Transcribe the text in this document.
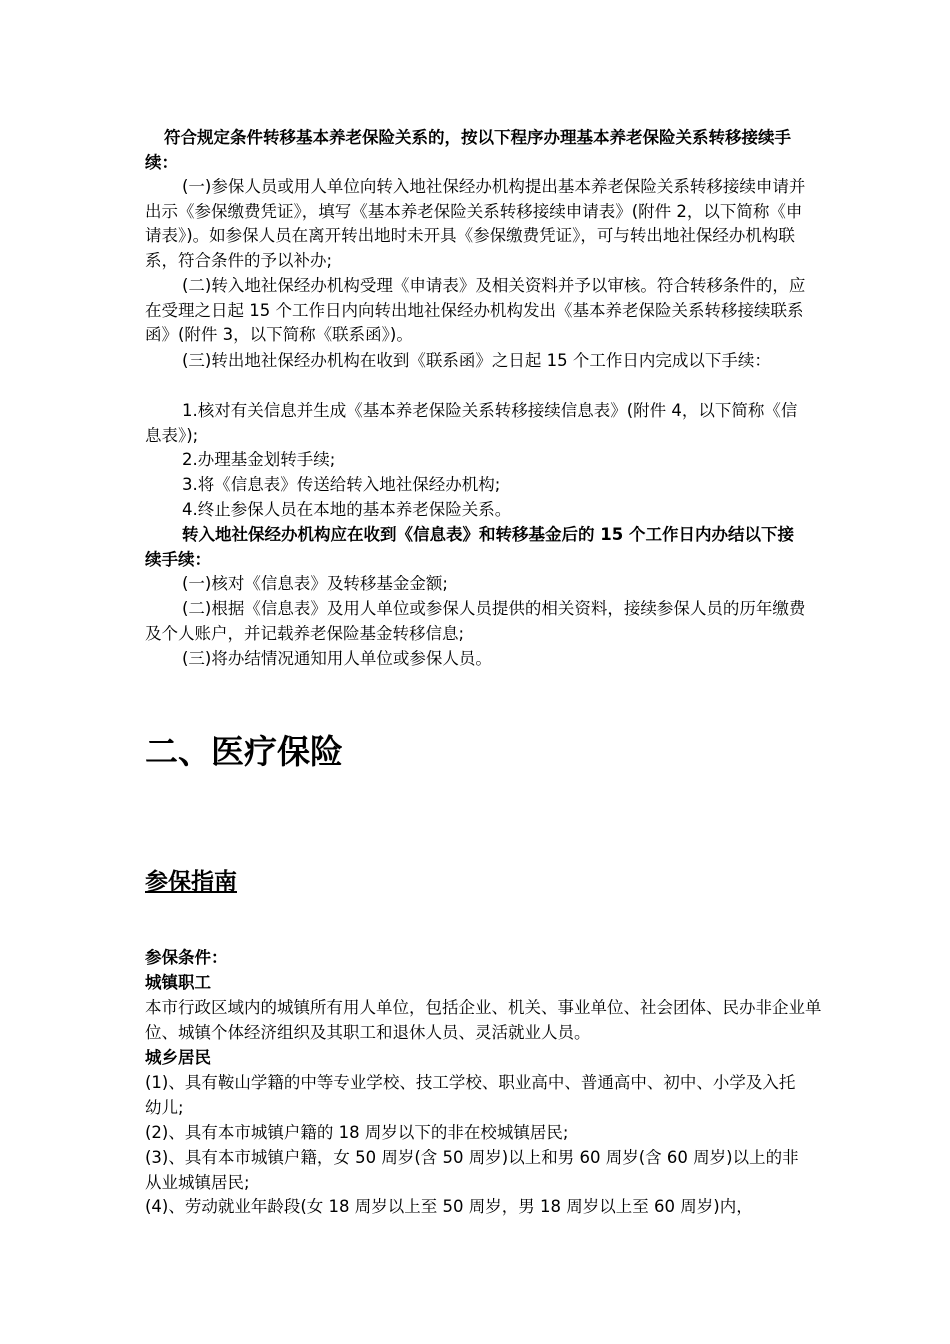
符合规定条件转移基本养老保险关系的，按以下程序办理基本养老保险关系转移接续手续：

(一)参保人员或用人单位向转入地社保经办机构提出基本养老保险关系转移接续申请并出示《参保缴费凭证》，填写《基本养老保险关系转移接续申请表》(附件 2，以下简称《申请表》)。如参保人员在离开转出地时未开具《参保缴费凭证》，可与转出地社保经办机构联系，符合条件的予以补办;

(二)转入地社保经办机构受理《申请表》及相关资料并予以审核。符合转移条件的，应在受理之日起 15 个工作日内向转出地社保经办机构发出《基本养老保险关系转移接续联系函》(附件 3，以下简称《联系函》)。

(三)转出地社保经办机构在收到《联系函》之日起 15 个工作日内完成以下手续：

1.核对有关信息并生成《基本养老保险关系转移接续信息表》(附件 4，以下简称《信息表》);

2.办理基金划转手续;

3.将《信息表》传送给转入地社保经办机构;

4.终止参保人员在本地的基本养老保险关系。

转入地社保经办机构应在收到《信息表》和转移基金后的 15 个工作日内办结以下接续手续：

(一)核对《信息表》及转移基金金额;

(二)根据《信息表》及用人单位或参保人员提供的相关资料，接续参保人员的历年缴费及个人账户，并记载养老保险基金转移信息;

(三)将办结情况通知用人单位或参保人员。

二、医疗保险
参保指南

参保条件：

城镇职工

本市行政区域内的城镇所有用人单位，包括企业、机关、事业单位、社会团体、民办非企业单位、城镇个体经济组织及其职工和退休人员、灵活就业人员。

城乡居民

(1)、具有鞍山学籍的中等专业学校、技工学校、职业高中、普通高中、初中、小学及入托幼儿;

(2)、具有本市城镇户籍的 18 周岁以下的非在校城镇居民;

(3)、具有本市城镇户籍，女 50 周岁(含 50 周岁)以上和男 60 周岁(含 60 周岁)以上的非从业城镇居民;

(4)、劳动就业年龄段(女 18 周岁以上至 50 周岁，男 18 周岁以上至 60 周岁)内，
